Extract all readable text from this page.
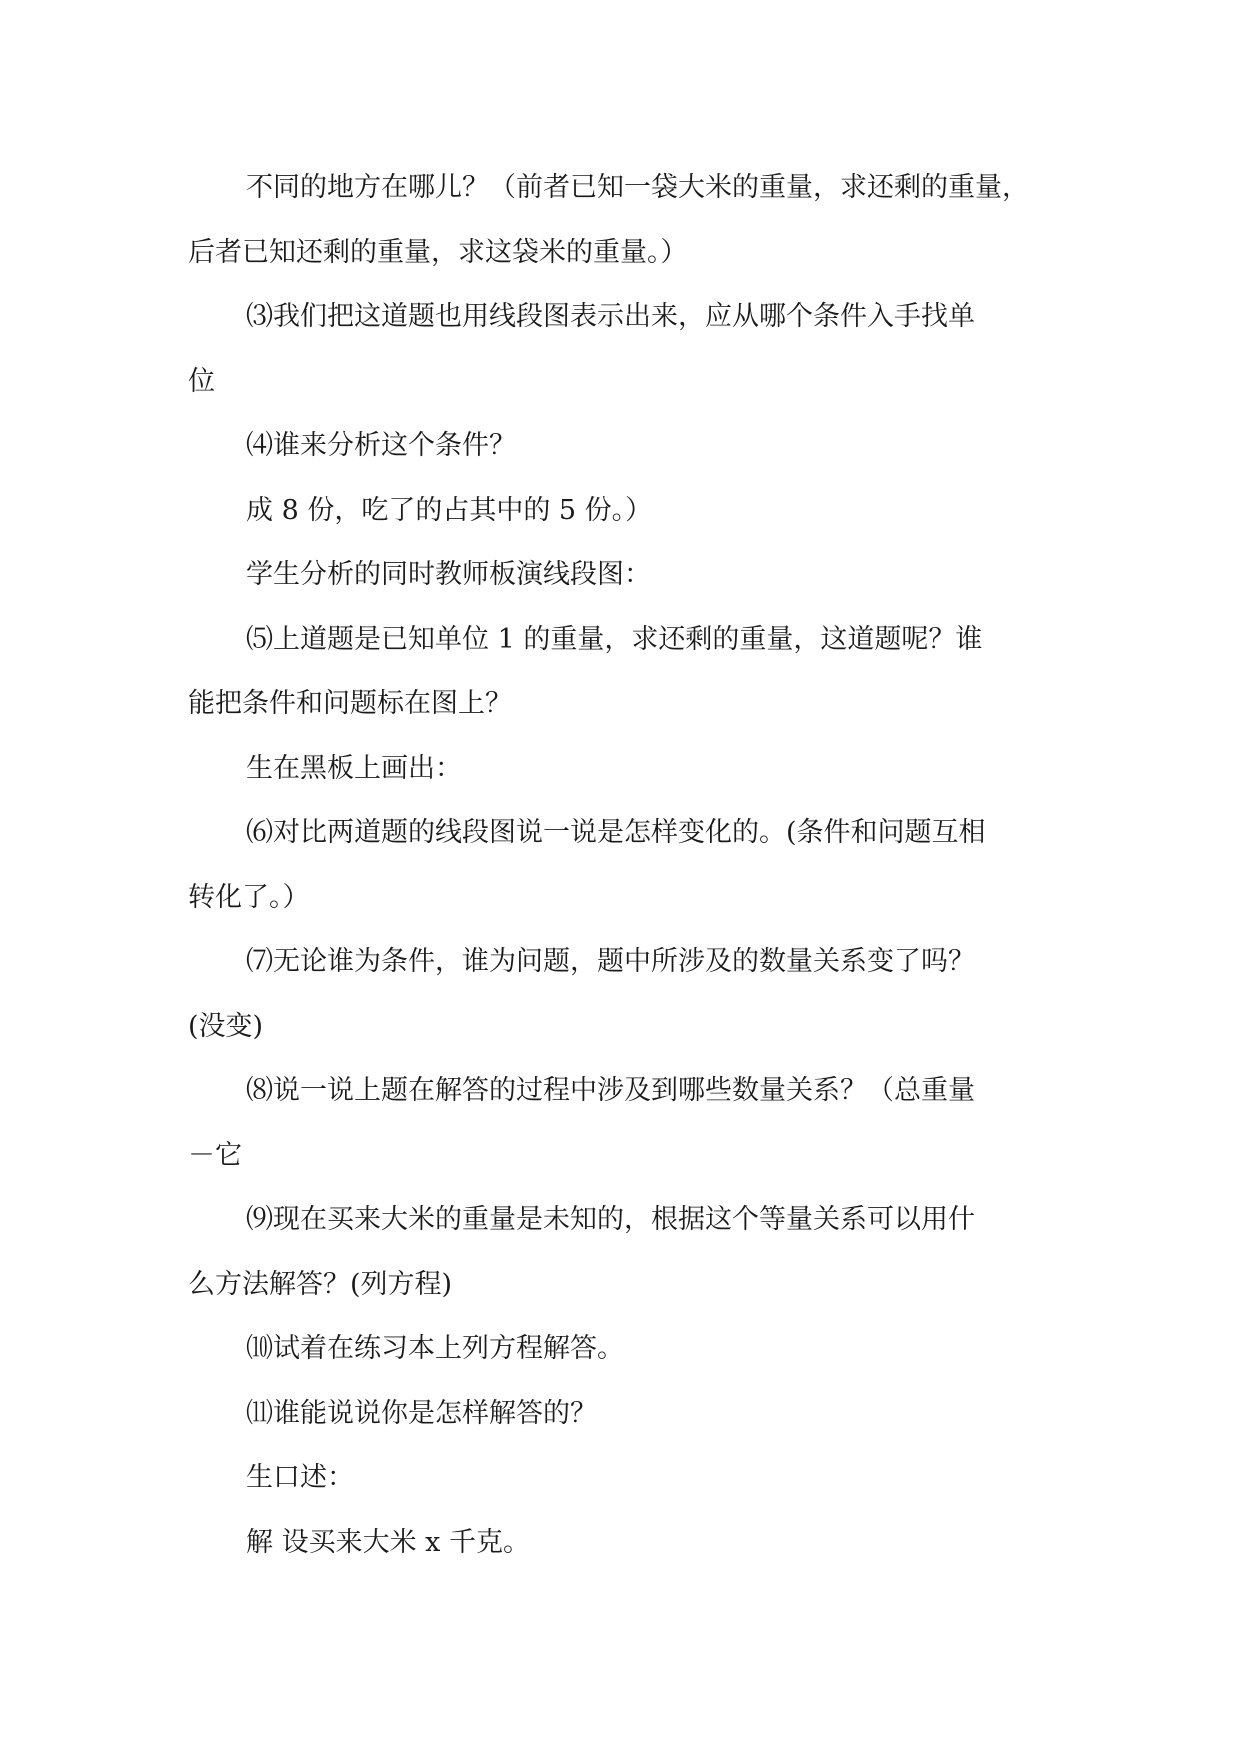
不同的地方在哪儿？（前者已知一袋大米的重量，求还剩的重量，
后者已知还剩的重量，求这袋米的重量。）
⑶我们把这道题也用线段图表示出来，应从哪个条件入手找单
位
⑷谁来分析这个条件？
成 8 份，吃了的占其中的 5 份。）
学生分析的同时教师板演线段图：
⑸上道题是已知单位 1 的重量，求还剩的重量，这道题呢？谁
能把条件和问题标在图上？
生在黑板上画出：
⑹对比两道题的线段图说一说是怎样变化的。(条件和问题互相
转化了。）
⑺无论谁为条件，谁为问题，题中所涉及的数量关系变了吗？
(没变)
⑻说一说上题在解答的过程中涉及到哪些数量关系？（总重量
－它
⑼现在买来大米的重量是未知的，根据这个等量关系可以用什
么方法解答？(列方程)
⑽试着在练习本上列方程解答。
⑾谁能说说你是怎样解答的？
生口述：
解 设买来大米 x 千克。
